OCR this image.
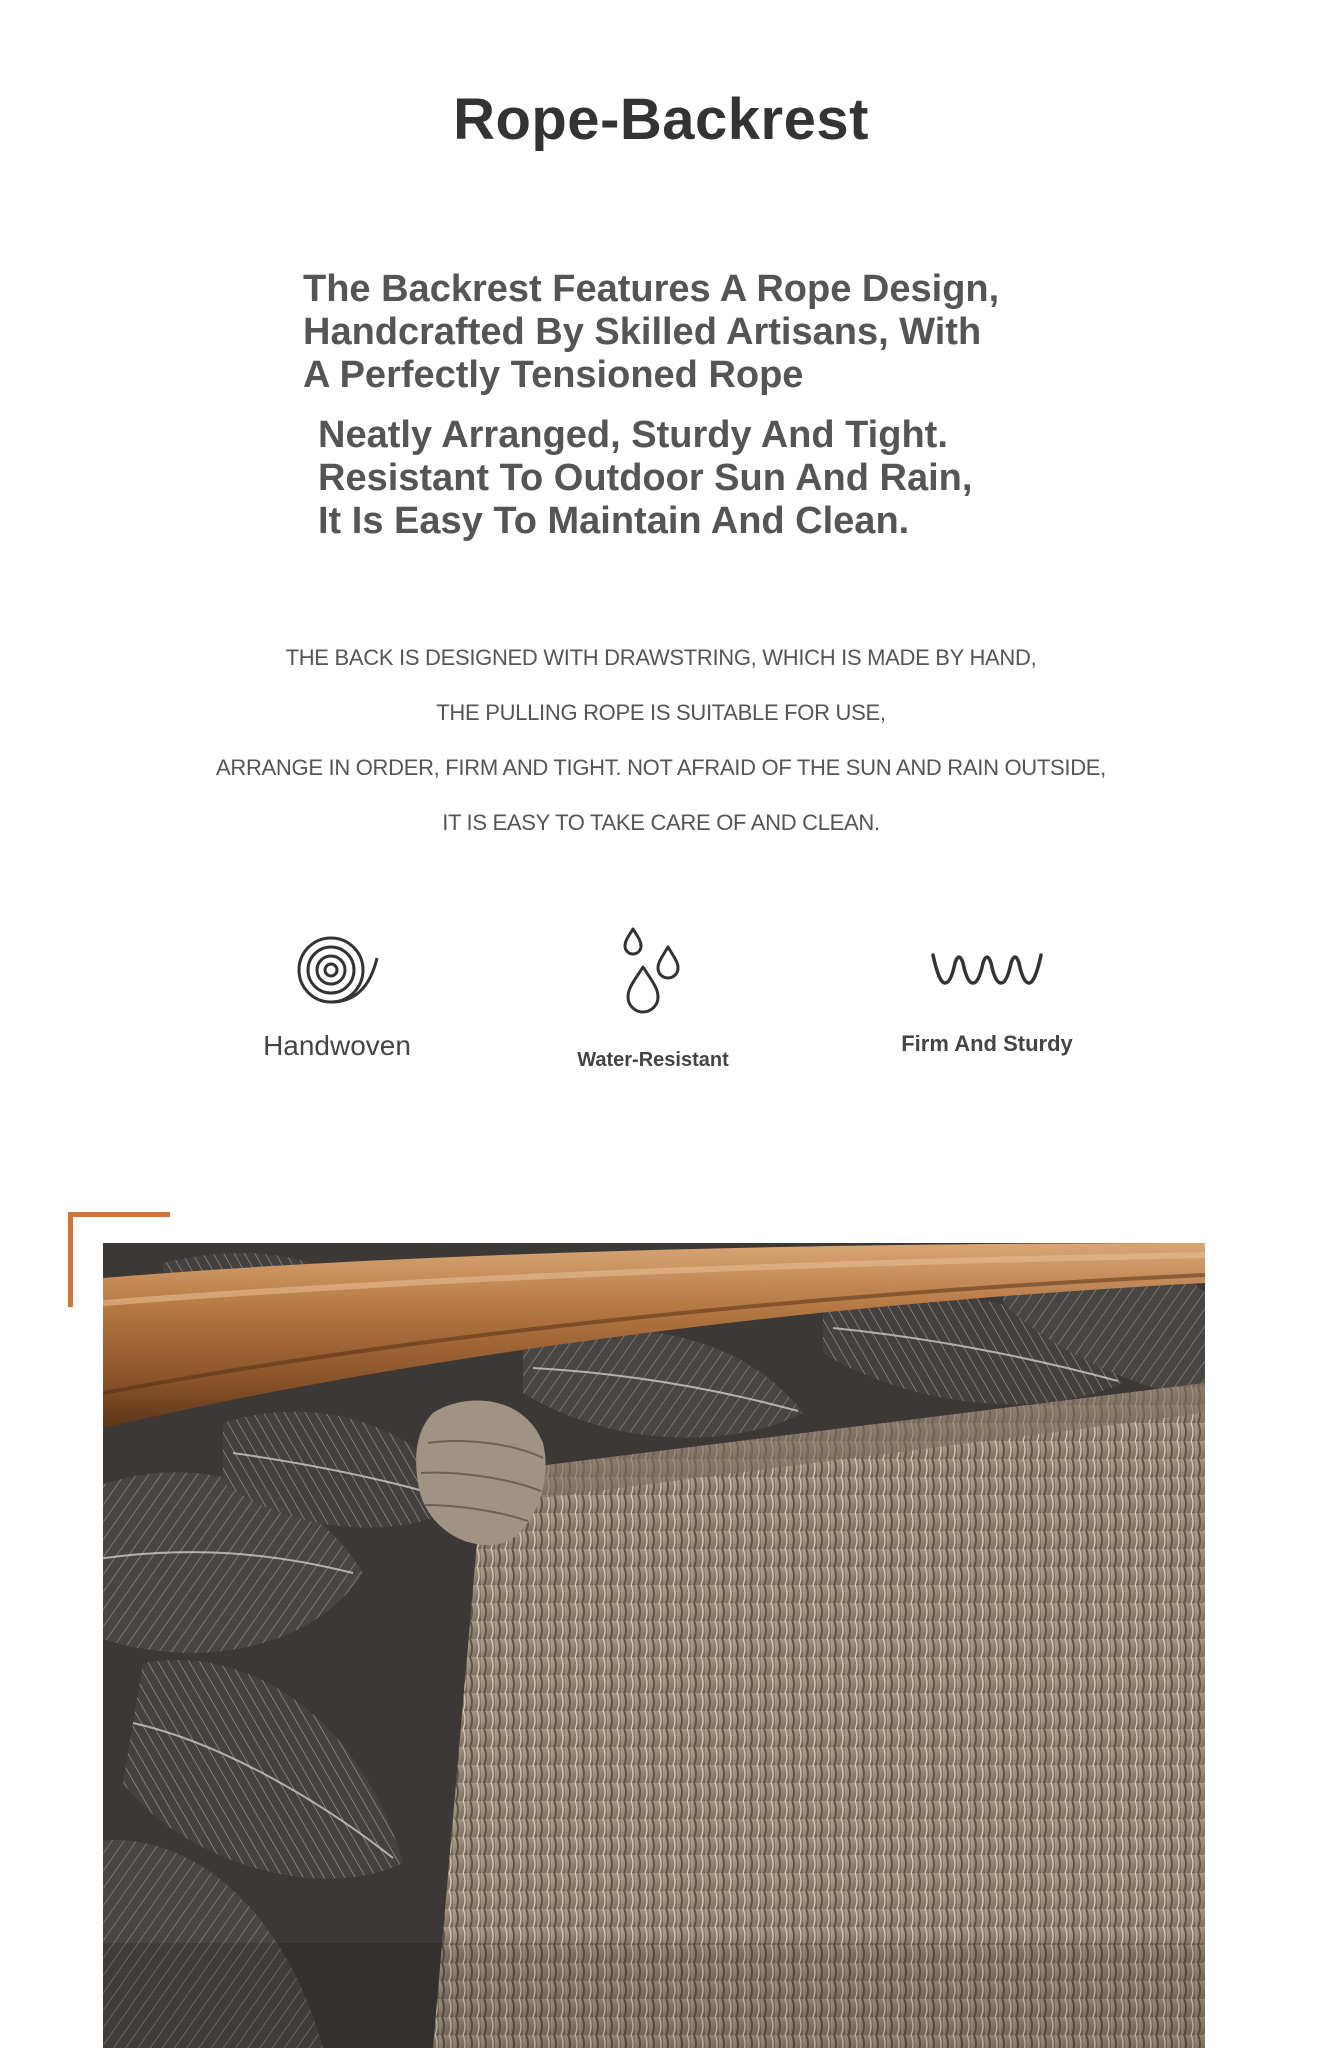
Rope-Backrest
The Backrest Features A Rope Design,
Handcrafted By Skilled Artisans, With
A Perfectly Tensioned Rope
Neatly Arranged, Sturdy And Tight.
Resistant To Outdoor Sun And Rain,
It Is Easy To Maintain And Clean.

THE BACK IS DESIGNED WITH DRAWSTRING, WHICH IS MADE BY HAND,

THE PULLING ROPE IS SUITABLE FOR USE,

ARRANGE IN ORDER, FIRM AND TIGHT. NOT AFRAID OF THE SUN AND RAIN OUTSIDE,

IT IS EASY TO TAKE CARE OF AND CLEAN.

Handwoven	Water-Resistant
Firm And Sturdy
